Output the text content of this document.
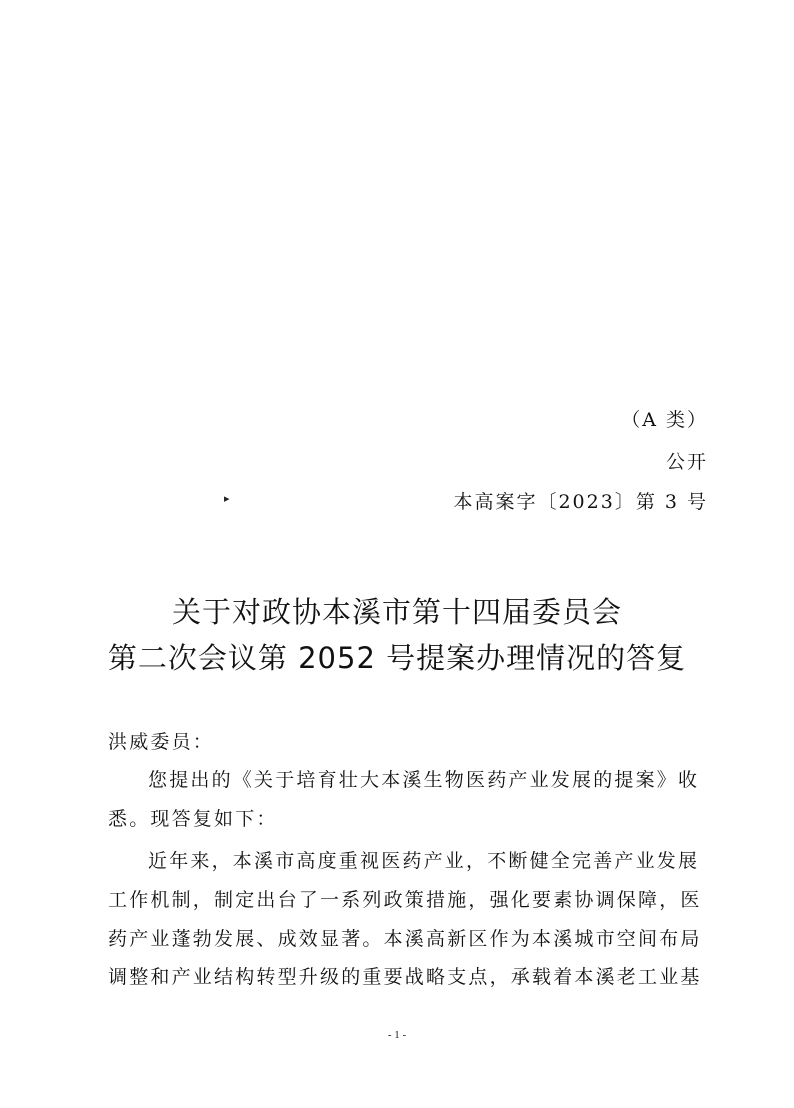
（A 类）
公开
▸	本高案字〔2023〕第 3 号
关于对政协本溪市第十四届委员会
第二次会议第 2052 号提案办理情况的答复
洪威委员：
您提出的《关于培育壮大本溪生物医药产业发展的提案》收
悉。现答复如下：
近年来，本溪市高度重视医药产业，不断健全完善产业发展
工作机制，制定出台了一系列政策措施，强化要素协调保障，医
药产业蓬勃发展、成效显著。本溪高新区作为本溪城市空间布局
调整和产业结构转型升级的重要战略支点，承载着本溪老工业基
- 1 -
